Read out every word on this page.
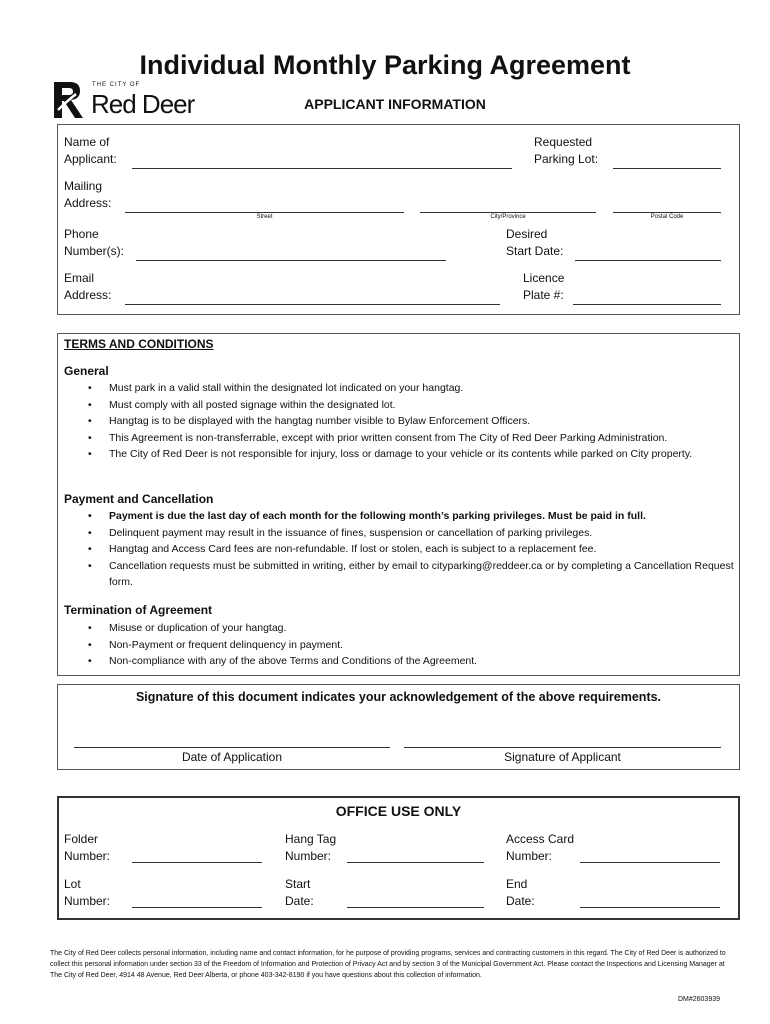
Individual Monthly Parking Agreement
THE CITY OF
Red Deer	APPLICANT INFORMATION
Name of
Applicant:
Requested
Parking Lot:
Mailing
Address:
Street	City/Province	Postal Code
Phone
Number(s):
Desired
Start Date:
Email
Address:
Licence
Plate #:
TERMS AND CONDITIONS
General
• Must park in a valid stall within the designated lot indicated on your hangtag.
• Must comply with all posted signage within the designated lot.
• Hangtag is to be displayed with the hangtag number visible to Bylaw Enforcement Officers.
• This Agreement is non-transferrable, except with prior written consent from The City of Red Deer Parking Administration.
• The City of Red Deer is not responsible for injury, loss or damage to your vehicle or its contents while parked on City property.
Payment and Cancellation
• Payment is due the last day of each month for the following month’s parking privileges. Must be paid in full.
• Delinquent payment may result in the issuance of fines, suspension or cancellation of parking privileges.
• Hangtag and Access Card fees are non-refundable. If lost or stolen, each is subject to a replacement fee.
• Cancellation requests must be submitted in writing, either by email to cityparking@reddeer.ca or by completing a Cancellation Request form.
Termination of Agreement
• Misuse or duplication of your hangtag.
• Non-Payment or frequent delinquency in payment.
• Non-compliance with any of the above Terms and Conditions of the Agreement.
Signature of this document indicates your acknowledgement of the above requirements.
Date of Application	Signature of Applicant
OFFICE USE ONLY
Folder
Number:
Hang Tag
Number:
Access Card
Number:
Lot
Number:
Start
Date:
End
Date:
The City of Red Deer collects personal information, including name and contact information, for he purpose of providing programs, services and contracting customers in this regard. The City of Red Deer is authorized to collect this personal information under section 33 of the Freedom of Information and Protection of Privacy Act and by section 3 of the Municipal Government Act. Please contact the Inspections and Licensing Manager at The City of Red Deer, 4914 48 Avenue, Red Deer Alberta, or phone 403-342-8190 if you have questions about this collection of information.
DM#2603939
